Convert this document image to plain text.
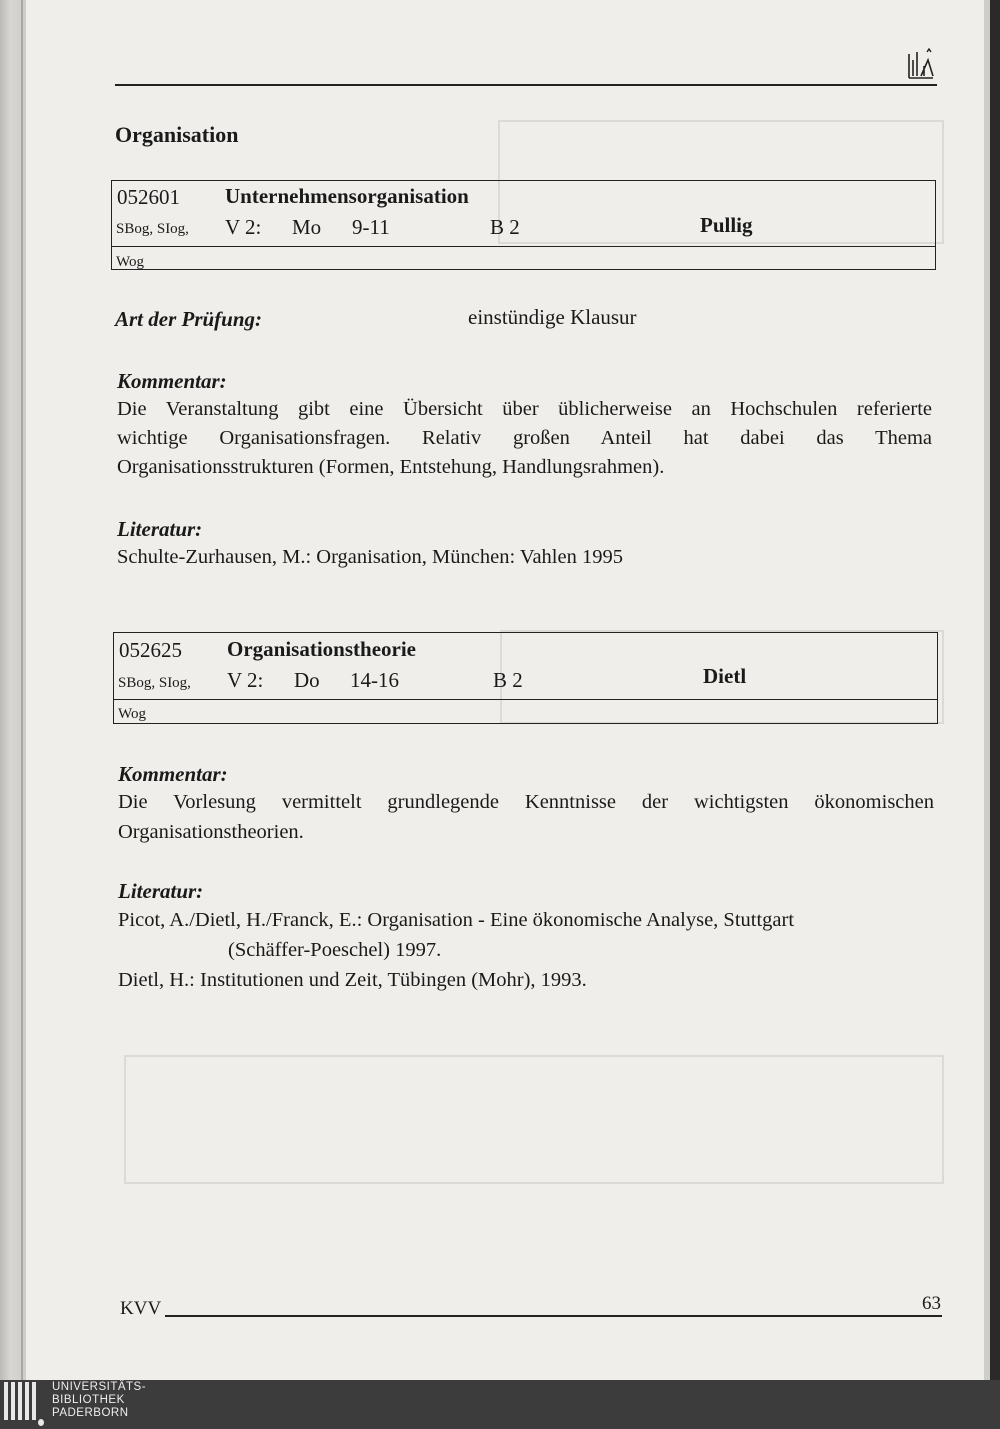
Organisation
052601 Unternehmensorganisation
SBog, SIog, V 2: Mo 9-11	B 2	Pullig
Wog
Art der Prüfung:	einstündige Klausur
Kommentar:
Die Veranstaltung gibt eine Übersicht über üblicherweise an Hochschulen referierte
wichtige Organisationsfragen. Relativ großen Anteil hat dabei das Thema
Organisationsstrukturen (Formen, Entstehung, Handlungsrahmen).
Literatur:
Schulte-Zurhausen, M.: Organisation, München: Vahlen 1995
052625 Organisationstheorie
SBog, SIog, V 2: Do 14-16	B 2	Dietl
Wog
Kommentar:
Die Vorlesung vermittelt grundlegende Kenntnisse der wichtigsten ökonomischen
Organisationstheorien.
Literatur:
Picot, A./Dietl, H./Franck, E.: Organisation - Eine ökonomische Analyse, Stuttgart
(Schäffer-Poeschel) 1997.
Dietl, H.: Institutionen und Zeit, Tübingen (Mohr), 1993.
KVV	63
UNIVERSITÄTS-
BIBLIOTHEK
PADERBORN
